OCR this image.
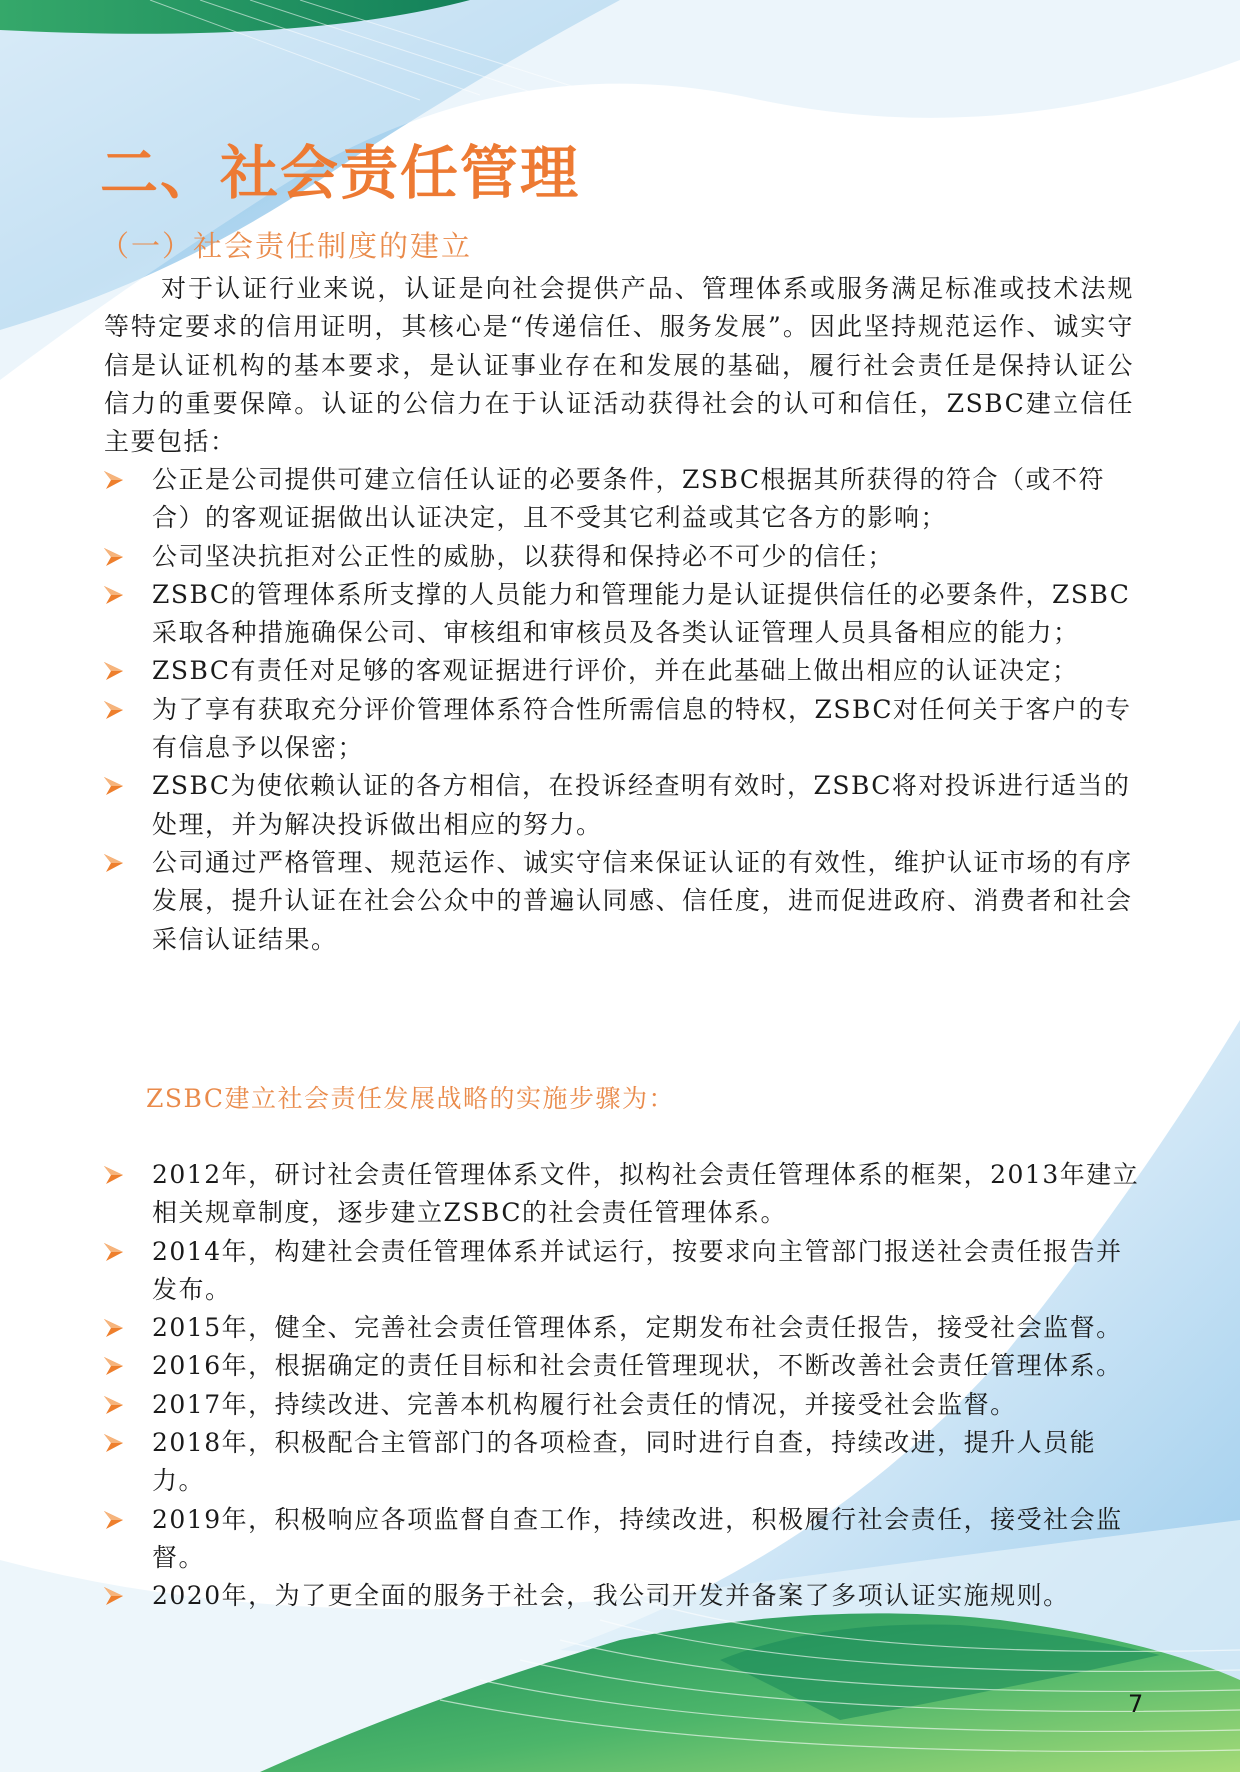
二、社会责任管理
（一）社会责任制度的建立

对于认证行业来说，认证是向社会提供产品、管理体系或服务满足标准或技术法规等特定要求的信用证明，其核心是“传递信任、服务发展”。因此坚持规范运作、诚实守信是认证机构的基本要求，是认证事业存在和发展的基础，履行社会责任是保持认证公信力的重要保障。认证的公信力在于认证活动获得社会的认可和信任，ZSBC建立信任主要包括：

公正是公司提供可建立信任认证的必要条件，ZSBC根据其所获得的符合（或不符合）的客观证据做出认证决定，且不受其它利益或其它各方的影响；
公司坚决抗拒对公正性的威胁，以获得和保持必不可少的信任；
ZSBC的管理体系所支撑的人员能力和管理能力是认证提供信任的必要条件，ZSBC采取各种措施确保公司、审核组和审核员及各类认证管理人员具备相应的能力；
ZSBC有责任对足够的客观证据进行评价，并在此基础上做出相应的认证决定；
为了享有获取充分评价管理体系符合性所需信息的特权，ZSBC对任何关于客户的专有信息予以保密；
ZSBC为使依赖认证的各方相信，在投诉经查明有效时，ZSBC将对投诉进行适当的处理，并为解决投诉做出相应的努力。
公司通过严格管理、规范运作、诚实守信来保证认证的有效性，维护认证市场的有序发展，提升认证在社会公众中的普遍认同感、信任度，进而促进政府、消费者和社会采信认证结果。
ZSBC建立社会责任发展战略的实施步骤为：
2012年，研讨社会责任管理体系文件，拟构社会责任管理体系的框架，2013年建立相关规章制度，逐步建立ZSBC的社会责任管理体系。
2014年，构建社会责任管理体系并试运行，按要求向主管部门报送社会责任报告并发布。
2015年，健全、完善社会责任管理体系，定期发布社会责任报告，接受社会监督。
2016年，根据确定的责任目标和社会责任管理现状，不断改善社会责任管理体系。
2017年，持续改进、完善本机构履行社会责任的情况，并接受社会监督。
2018年，积极配合主管部门的各项检查，同时进行自查，持续改进，提升人员能力。
2019年，积极响应各项监督自查工作，持续改进，积极履行社会责任，接受社会监督。
2020年，为了更全面的服务于社会，我公司开发并备案了多项认证实施规则。
7
